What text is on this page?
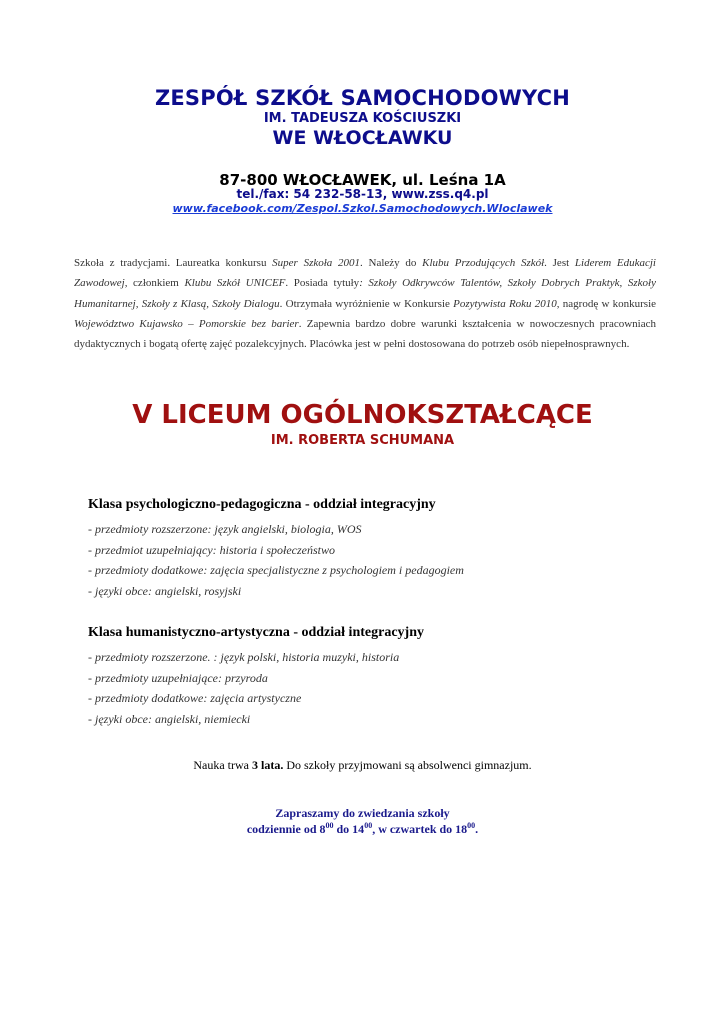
ZESPÓŁ SZKÓŁ SAMOCHODOWYCH
IM. TADEUSZA KOŚCIUSZKI
WE WŁOCŁAWKU
87-800 WŁOCŁAWEK, ul. Leśna 1A
tel./fax: 54 232-58-13, www.zss.q4.pl
www.facebook.com/Zespol.Szkol.Samochodowych.Wloclawek
Szkoła z tradycjami. Laureatka konkursu Super Szkoła 2001. Należy do Klubu Przodujących Szkół. Jest Liderem Edukacji Zawodowej, członkiem Klubu Szkół UNICEF. Posiada tytuły: Szkoły Odkrywców Talentów, Szkoły Dobrych Praktyk, Szkoły Humanitarnej, Szkoły z Klasą, Szkoły Dialogu. Otrzymała wyróżnienie w Konkursie Pozytywista Roku 2010, nagrodę w konkursie Województwo Kujawsko – Pomorskie bez barier. Zapewnia bardzo dobre warunki kształcenia w nowoczesnych pracowniach dydaktycznych i bogatą ofertę zajęć pozalekcyjnych. Placówka jest w pełni dostosowana do potrzeb osób niepełnosprawnych.
V LICEUM OGÓLNOKSZTAŁCĄCE
IM. ROBERTA SCHUMANA
Klasa psychologiczno-pedagogiczna - oddział integracyjny
- przedmioty rozszerzone: język angielski, biologia, WOS
- przedmiot uzupełniający: historia i społeczeństwo
- przedmioty dodatkowe: zajęcia specjalistyczne z psychologiem i pedagogiem
- języki obce: angielski, rosyjski
Klasa humanistyczno-artystyczna - oddział integracyjny
- przedmioty rozszerzone. : język polski, historia muzyki, historia
- przedmioty uzupełniające: przyroda
- przedmioty dodatkowe: zajęcia artystyczne
- języki obce: angielski, niemiecki
Nauka trwa 3 lata. Do szkoły przyjmowani są absolwenci gimnazjum.
Zapraszamy do zwiedzania szkoły
codziennie od $8^{00}$ do $14^{00}$, w czwartek do $18^{00}$.
